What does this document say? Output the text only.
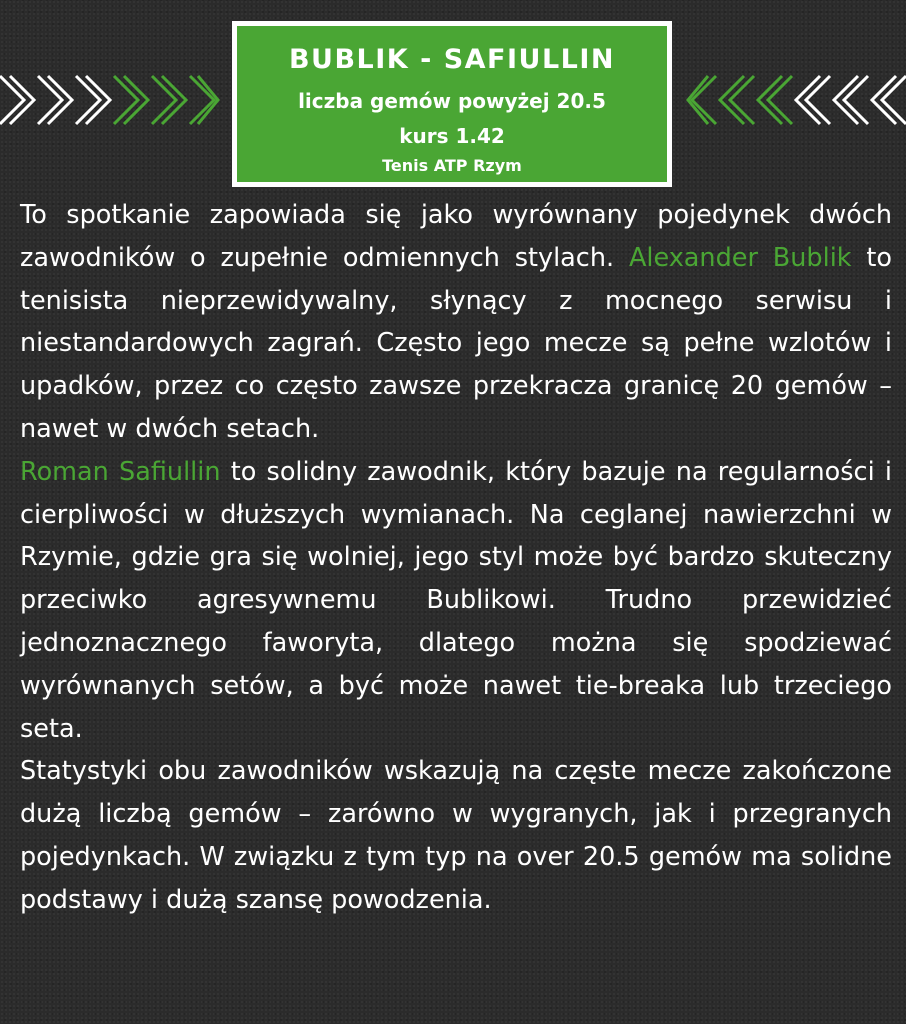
BUBLIK - SAFIULLIN
liczba gemów powyżej 20.5
kurs 1.42
Tenis ATP Rzym

To spotkanie zapowiada się jako wyrównany pojedynek dwóch zawodników o zupełnie odmiennych stylach. Alexander Bublik to tenisista nieprzewidywalny, słynący z mocnego serwisu i niestandardowych zagrań. Często jego mecze są pełne wzlotów i upadków, przez co często zawsze przekracza granicę 20 gemów – nawet w dwóch setach.

Roman Safiullin to solidny zawodnik, który bazuje na regularności i cierpliwości w dłuższych wymianach. Na ceglanej nawierzchni w Rzymie, gdzie gra się wolniej, jego styl może być bardzo skuteczny przeciwko agresywnemu Bublikowi. Trudno przewidzieć jednoznacznego faworyta, dlatego można się spodziewać wyrównanych setów, a być może nawet tie-breaka lub trzeciego seta.

Statystyki obu zawodników wskazują na częste mecze zakończone dużą liczbą gemów – zarówno w wygranych, jak i przegranych pojedynkach. W związku z tym typ na over 20.5 gemów ma solidne podstawy i dużą szansę powodzenia.
